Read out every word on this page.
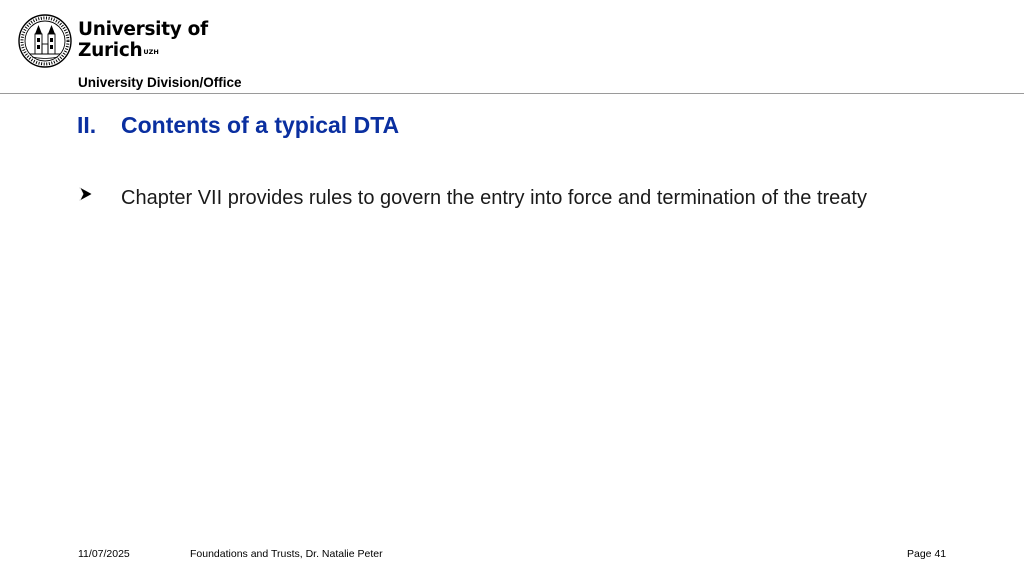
University of
Zurich$^{UZH}$
University Division/Office
II. Contents of a typical DTA
Chapter VII provides rules to govern the entry into force and termination of the treaty
11/07/2025	Foundations and Trusts, Dr. Natalie Peter	Page 41
